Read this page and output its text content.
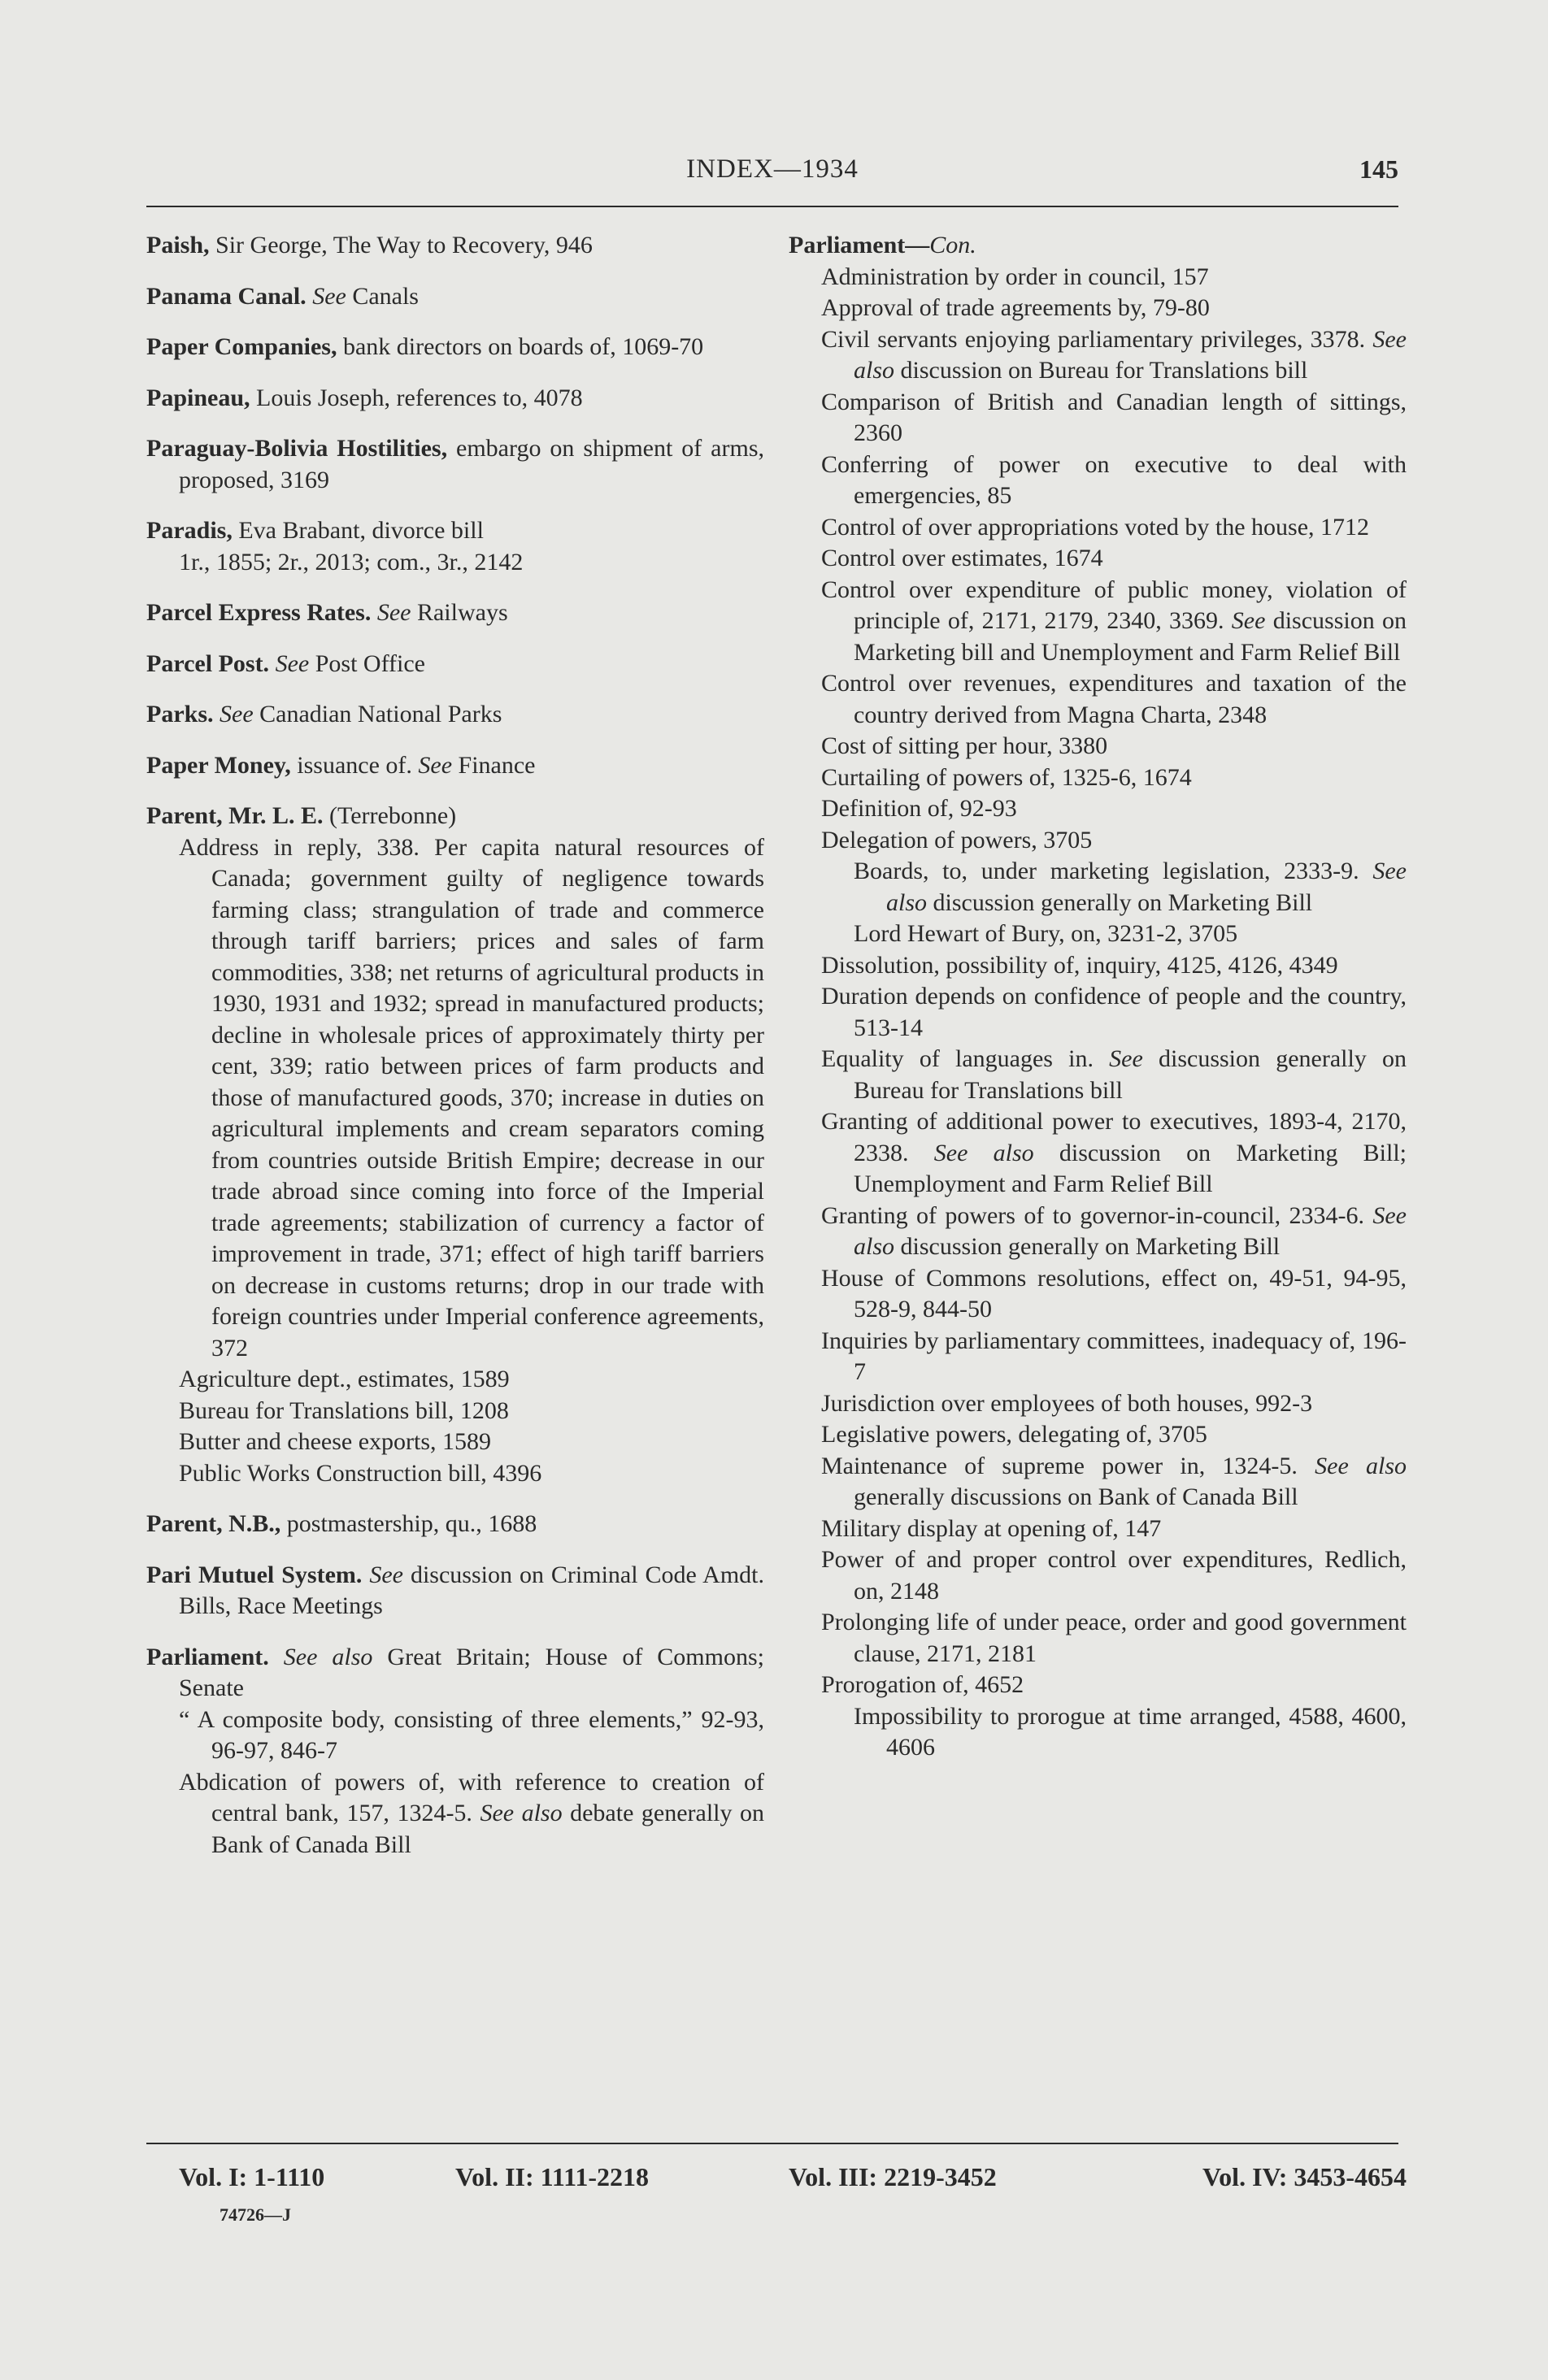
INDEX—1934	145

Paish, Sir George, The Way to Recovery, 946

Panama Canal. See Canals

Paper Companies, bank directors on boards of, 1069-70

Papineau, Louis Joseph, references to, 4078

Paraguay-Bolivia Hostilities, embargo on shipment of arms, proposed, 3169

Paradis, Eva Brabant, divorce bill
1r., 1855; 2r., 2013; com., 3r., 2142

Parcel Express Rates. See Railways

Parcel Post. See Post Office

Parks. See Canadian National Parks

Paper Money, issuance of. See Finance

Parent, Mr. L. E. (Terrebonne)

Address in reply, 338. Per capita natural resources of Canada; government guilty of negligence towards farming class; strangulation of trade and commerce through tariff barriers; prices and sales of farm commodities, 338; net returns of agricultural products in 1930, 1931 and 1932; spread in manufactured products; decline in wholesale prices of approximately thirty per cent, 339; ratio between prices of farm products and those of manufactured goods, 370; increase in duties on agricultural implements and cream separators coming from countries outside British Empire; decrease in our trade abroad since coming into force of the Imperial trade agreements; stabilization of currency a factor of improvement in trade, 371; effect of high tariff barriers on decrease in customs returns; drop in our trade with foreign countries under Imperial conference agreements, 372

Agriculture dept., estimates, 1589

Bureau for Translations bill, 1208

Butter and cheese exports, 1589

Public Works Construction bill, 4396

Parent, N.B., postmastership, qu., 1688

Pari Mutuel System. See discussion on Criminal Code Amdt. Bills, Race Meetings

Parliament. See also Great Britain; House of Commons; Senate

“ A composite body, consisting of three elements,” 92-93, 96-97, 846-7

Abdication of powers of, with reference to creation of central bank, 157, 1324-5. See also debate generally on Bank of Canada Bill

Parliament—Con.

Administration by order in council, 157

Approval of trade agreements by, 79-80

Civil servants enjoying parliamentary privileges, 3378. See also discussion on Bureau for Translations bill

Comparison of British and Canadian length of sittings, 2360

Conferring of power on executive to deal with emergencies, 85

Control of over appropriations voted by the house, 1712

Control over estimates, 1674

Control over expenditure of public money, violation of principle of, 2171, 2179, 2340, 3369. See discussion on Marketing bill and Unemployment and Farm Relief Bill

Control over revenues, expenditures and taxation of the country derived from Magna Charta, 2348

Cost of sitting per hour, 3380

Curtailing of powers of, 1325-6, 1674

Definition of, 92-93

Delegation of powers, 3705

Boards, to, under marketing legislation, 2333-9. See also discussion generally on Marketing Bill

Lord Hewart of Bury, on, 3231-2, 3705

Dissolution, possibility of, inquiry, 4125, 4126, 4349

Duration depends on confidence of people and the country, 513-14

Equality of languages in. See discussion generally on Bureau for Translations bill

Granting of additional power to executives, 1893-4, 2170, 2338. See also discussion on Marketing Bill; Unemployment and Farm Relief Bill

Granting of powers of to governor-in-council, 2334-6. See also discussion generally on Marketing Bill

House of Commons resolutions, effect on, 49-51, 94-95, 528-9, 844-50

Inquiries by parliamentary committees, inadequacy of, 196-7

Jurisdiction over employees of both houses, 992-3

Legislative powers, delegating of, 3705

Maintenance of supreme power in, 1324-5. See also generally discussions on Bank of Canada Bill

Military display at opening of, 147

Power of and proper control over expenditures, Redlich, on, 2148

Prolonging life of under peace, order and good government clause, 2171, 2181

Prorogation of, 4652

Impossibility to prorogue at time arranged, 4588, 4600, 4606

Vol. I: 1-1110	Vol. II: 1111-2218	Vol. III: 2219-3452	Vol. IV: 3453-4654
74726—J
